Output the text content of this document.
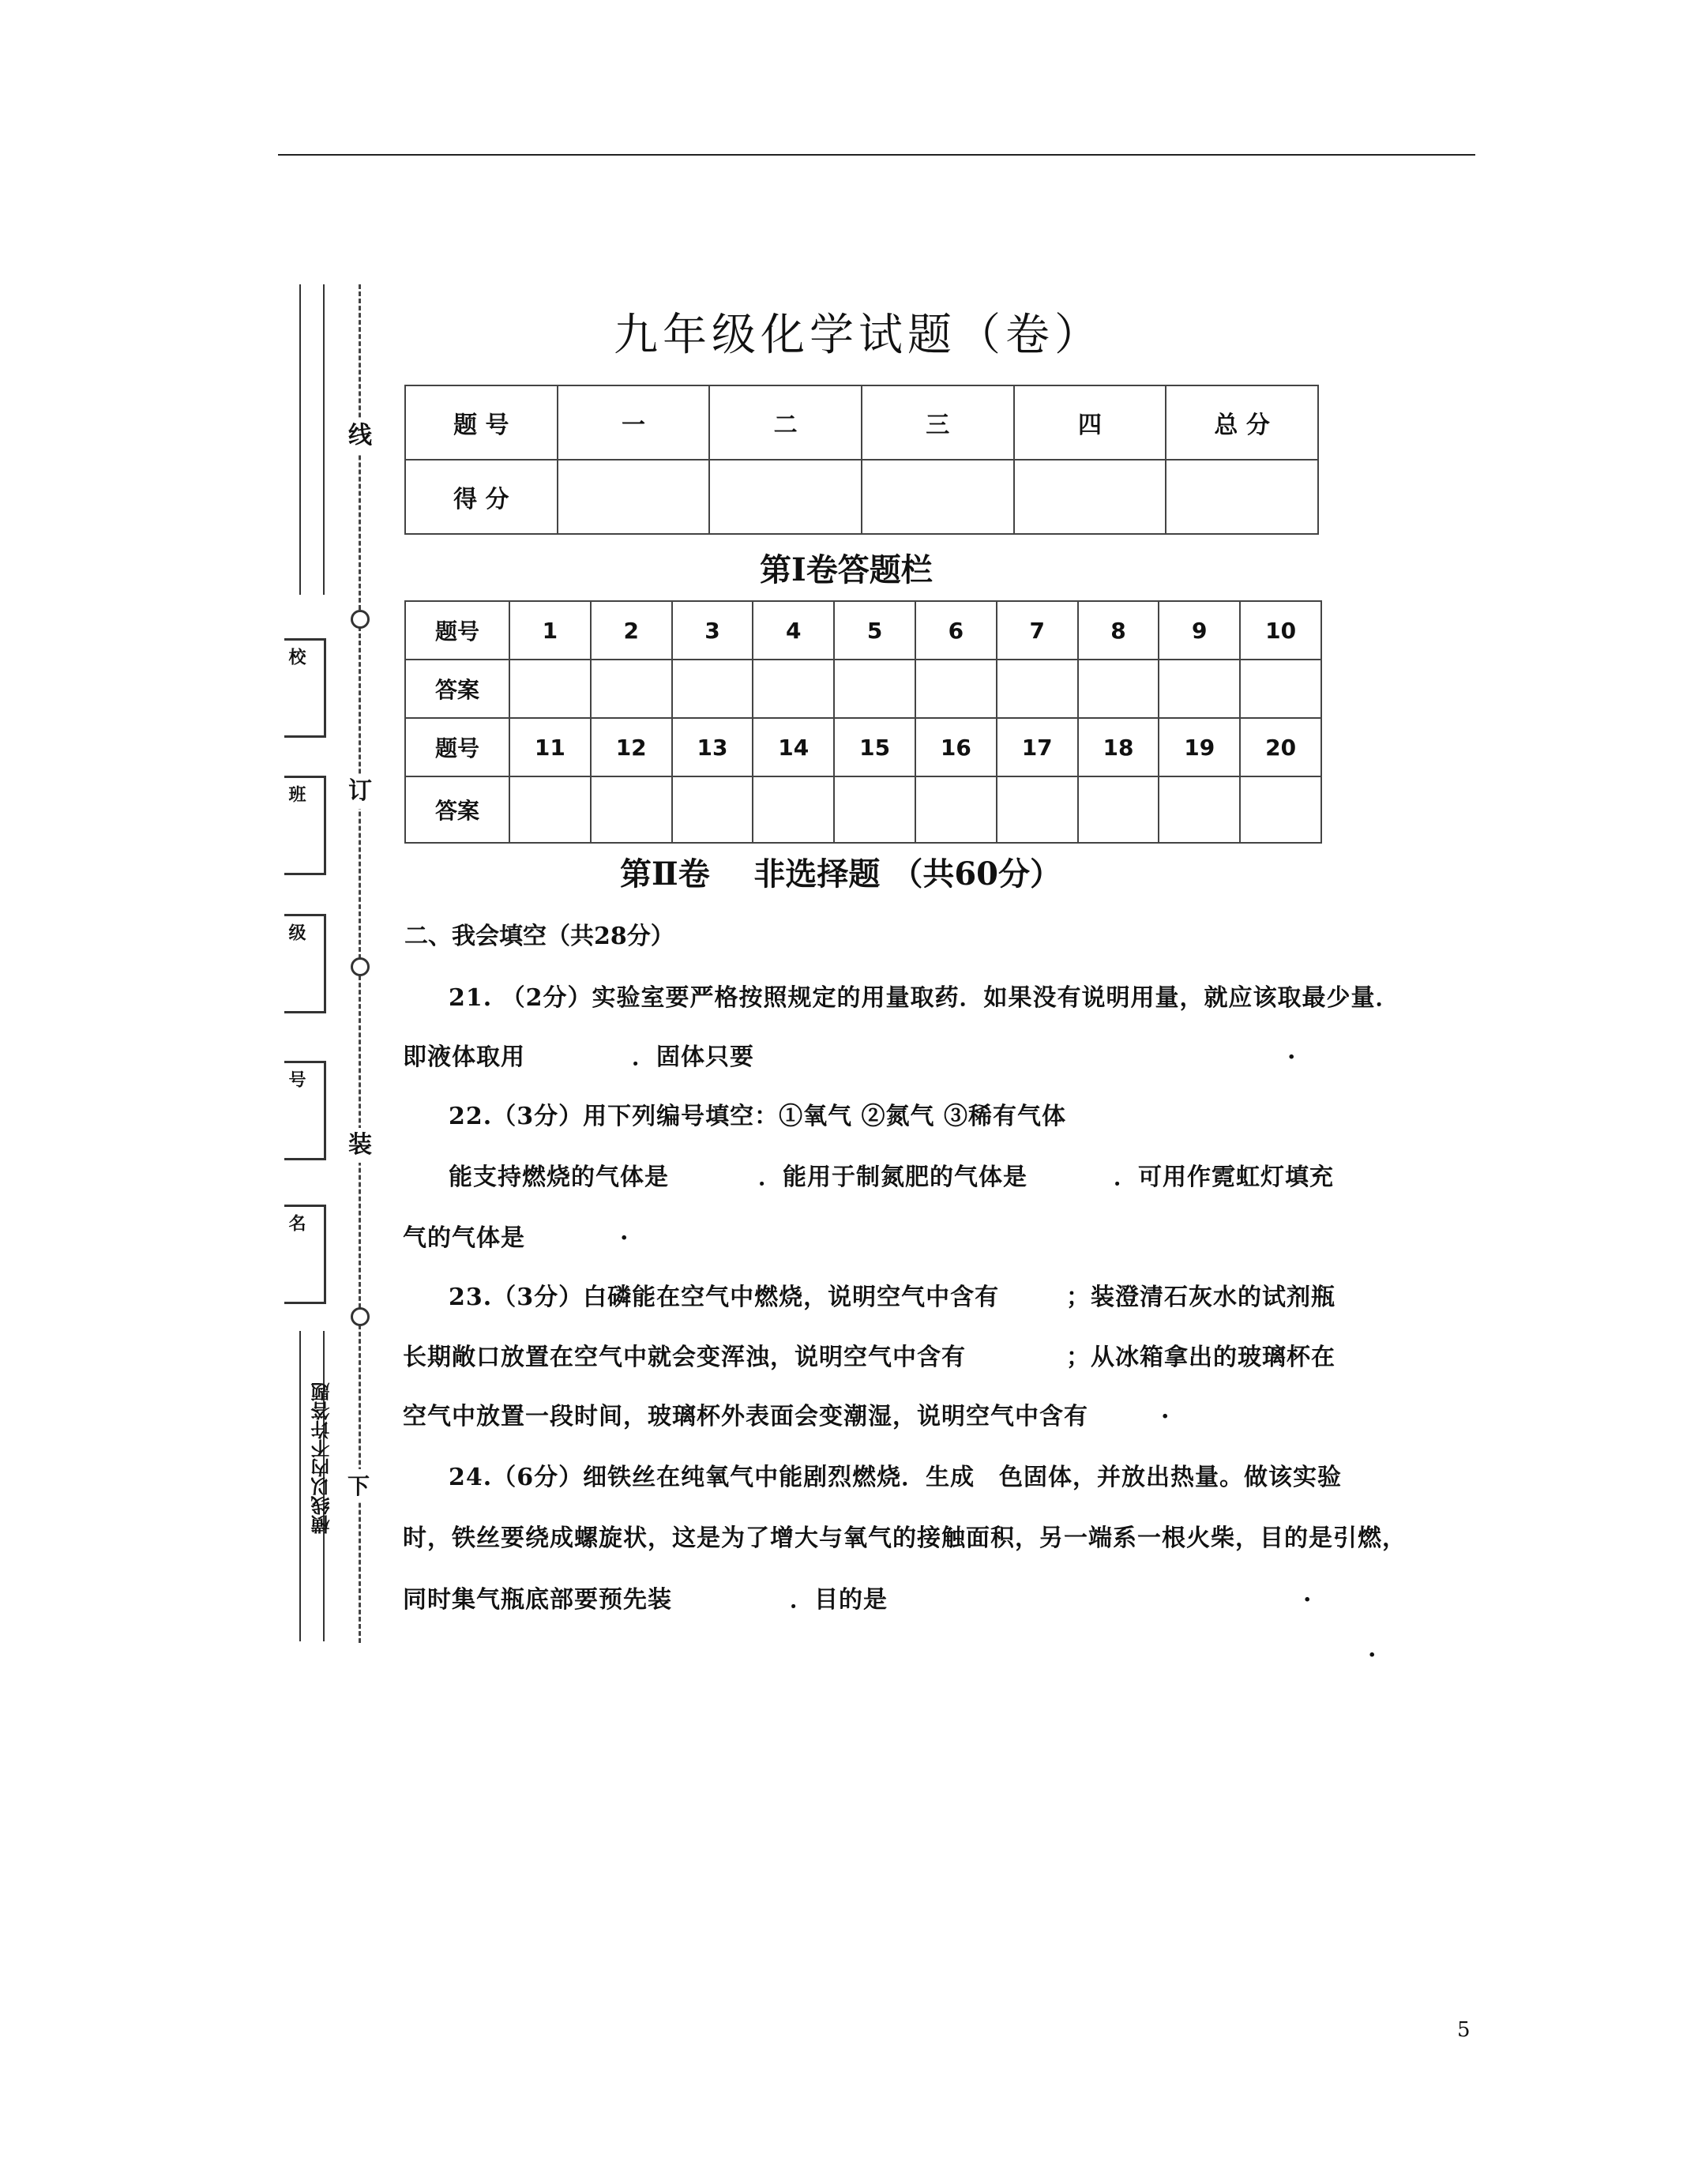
线
订
装
下
校
班
级
号
名
横线以内不许答题
九年级化学试题（卷）
题 号	一	二	三	四	总 分
得 分					
第Ⅰ卷答题栏
题号	1	2	3	4	5	6	7	8	9	10
答案										
题号	11	12	13	14	15	16	17	18	19	20
答案										
第Ⅱ卷    非选择题 （共60分）
二、我会填空（共28分）
21. （2分）实验室要严格按照规定的用量取药．如果没有说明用量，就应该取最少量．
即液体取用	．固体只要	.
22.（3分）用下列编号填空：①氧气 ②氮气 ③稀有气体
能支持燃烧的气体是	．能用于制氮肥的气体是	．可用作霓虹灯填充
气的气体是	.
23.（3分）白磷能在空气中燃烧，说明空气中含有	；装澄清石灰水的试剂瓶
长期敞口放置在空气中就会变浑浊，说明空气中含有	；从冰箱拿出的玻璃杯在
空气中放置一段时间，玻璃杯外表面会变潮湿，说明空气中含有	.
24.（6分）细铁丝在纯氧气中能剧烈燃烧．生成 色固体，并放出热量。做该实验
时，铁丝要绕成螺旋状，这是为了增大与氧气的接触面积，另一端系一根火柴，目的是引燃，
同时集气瓶底部要预先装	．目的是	.
.
5
